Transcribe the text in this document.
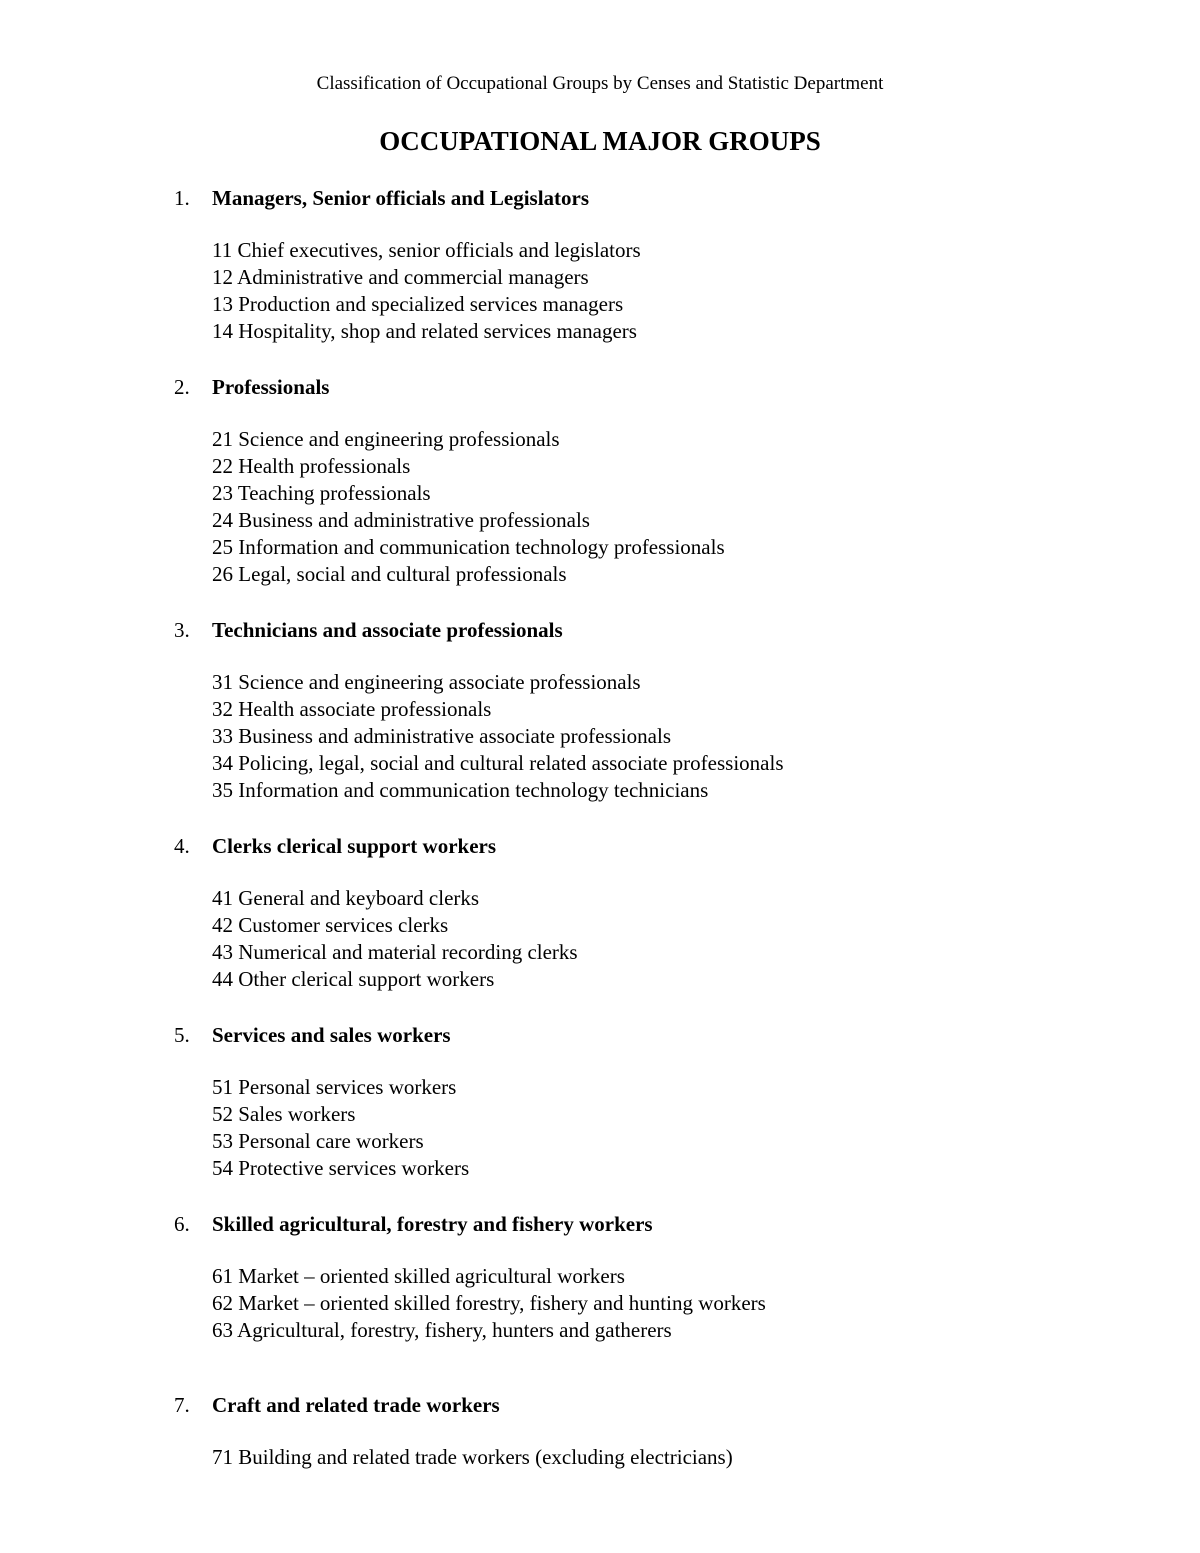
Classification of Occupational Groups by Censes and Statistic Department
OCCUPATIONAL MAJOR GROUPS
1. Managers, Senior officials and Legislators
11 Chief executives, senior officials and legislators
12 Administrative and commercial managers
13 Production and specialized services managers
14 Hospitality, shop and related services managers
2. Professionals
21 Science and engineering professionals
22 Health professionals
23 Teaching professionals
24 Business and administrative professionals
25 Information and communication technology professionals
26 Legal, social and cultural professionals
3. Technicians and associate professionals
31 Science and engineering associate professionals
32 Health associate professionals
33 Business and administrative associate professionals
34 Policing, legal, social and cultural related associate professionals
35 Information and communication technology technicians
4. Clerks clerical support workers
41 General and keyboard clerks
42 Customer services clerks
43 Numerical and material recording clerks
44 Other clerical support workers
5. Services and sales workers
51 Personal services workers
52 Sales workers
53 Personal care workers
54 Protective services workers
6. Skilled agricultural, forestry and fishery workers
61 Market – oriented skilled agricultural workers
62 Market – oriented skilled forestry, fishery and hunting workers
63 Agricultural, forestry, fishery, hunters and gatherers
7. Craft and related trade workers
71 Building and related trade workers (excluding electricians)
